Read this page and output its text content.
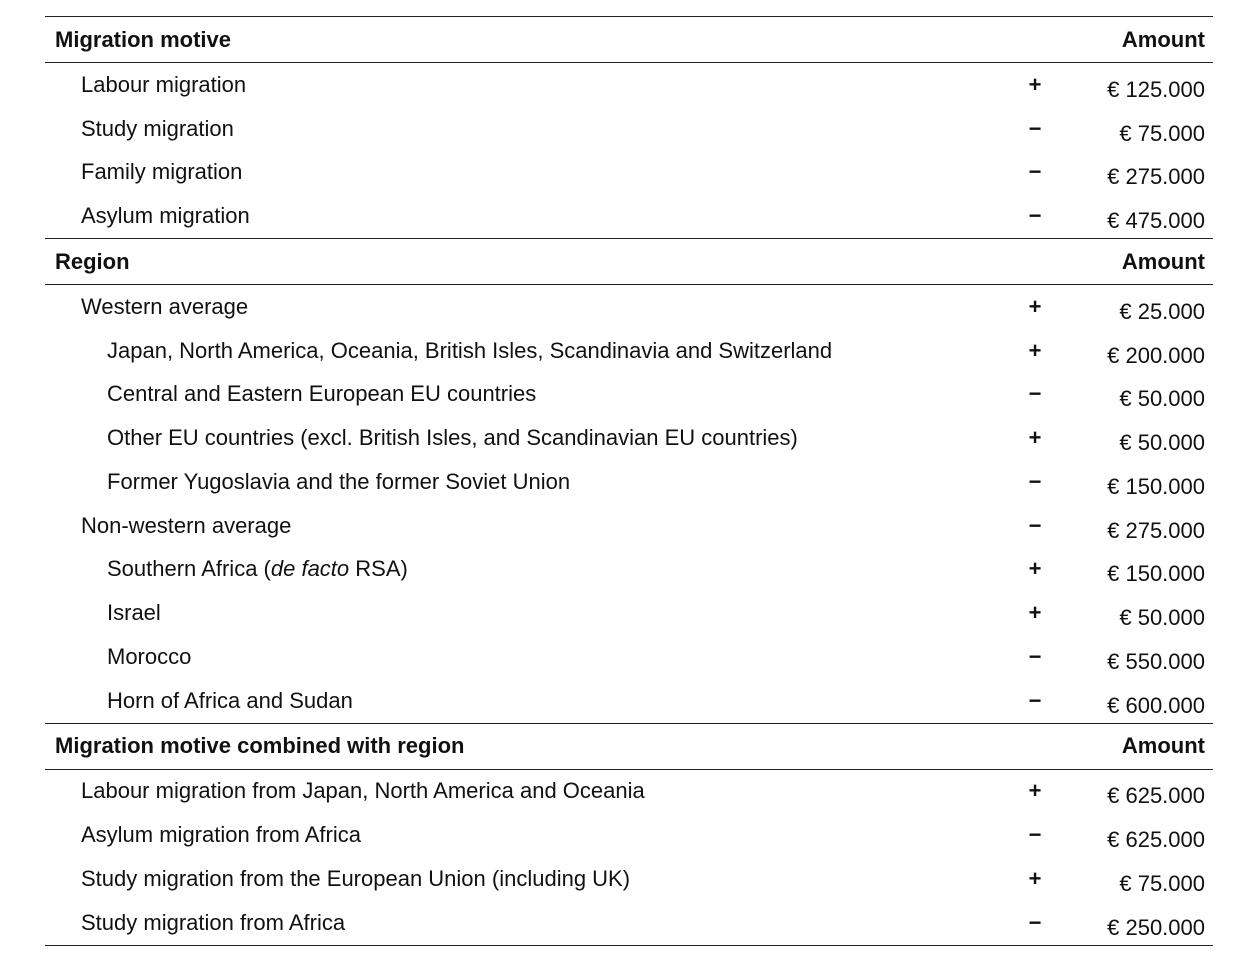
Migration motive	Amount
Labour migration	+	€ 125.000
Study migration	−	€ 75.000
Family migration	−	€ 275.000
Asylum migration	−	€ 475.000
Region	Amount
Western average	+	€ 25.000
Japan, North America, Oceania, British Isles, Scandinavia and Switzerland	+	€ 200.000
Central and Eastern European EU countries	−	€ 50.000
Other EU countries (excl. British Isles, and Scandinavian EU countries)	+	€ 50.000
Former Yugoslavia and the former Soviet Union	−	€ 150.000
Non-western average	−	€ 275.000
Southern Africa (de facto RSA)	+	€ 150.000
Israel	+	€ 50.000
Morocco	−	€ 550.000
Horn of Africa and Sudan	−	€ 600.000
Migration motive combined with region	Amount
Labour migration from Japan, North America and Oceania	+	€ 625.000
Asylum migration from Africa	−	€ 625.000
Study migration from the European Union (including UK)	+	€ 75.000
Study migration from Africa	−	€ 250.000
